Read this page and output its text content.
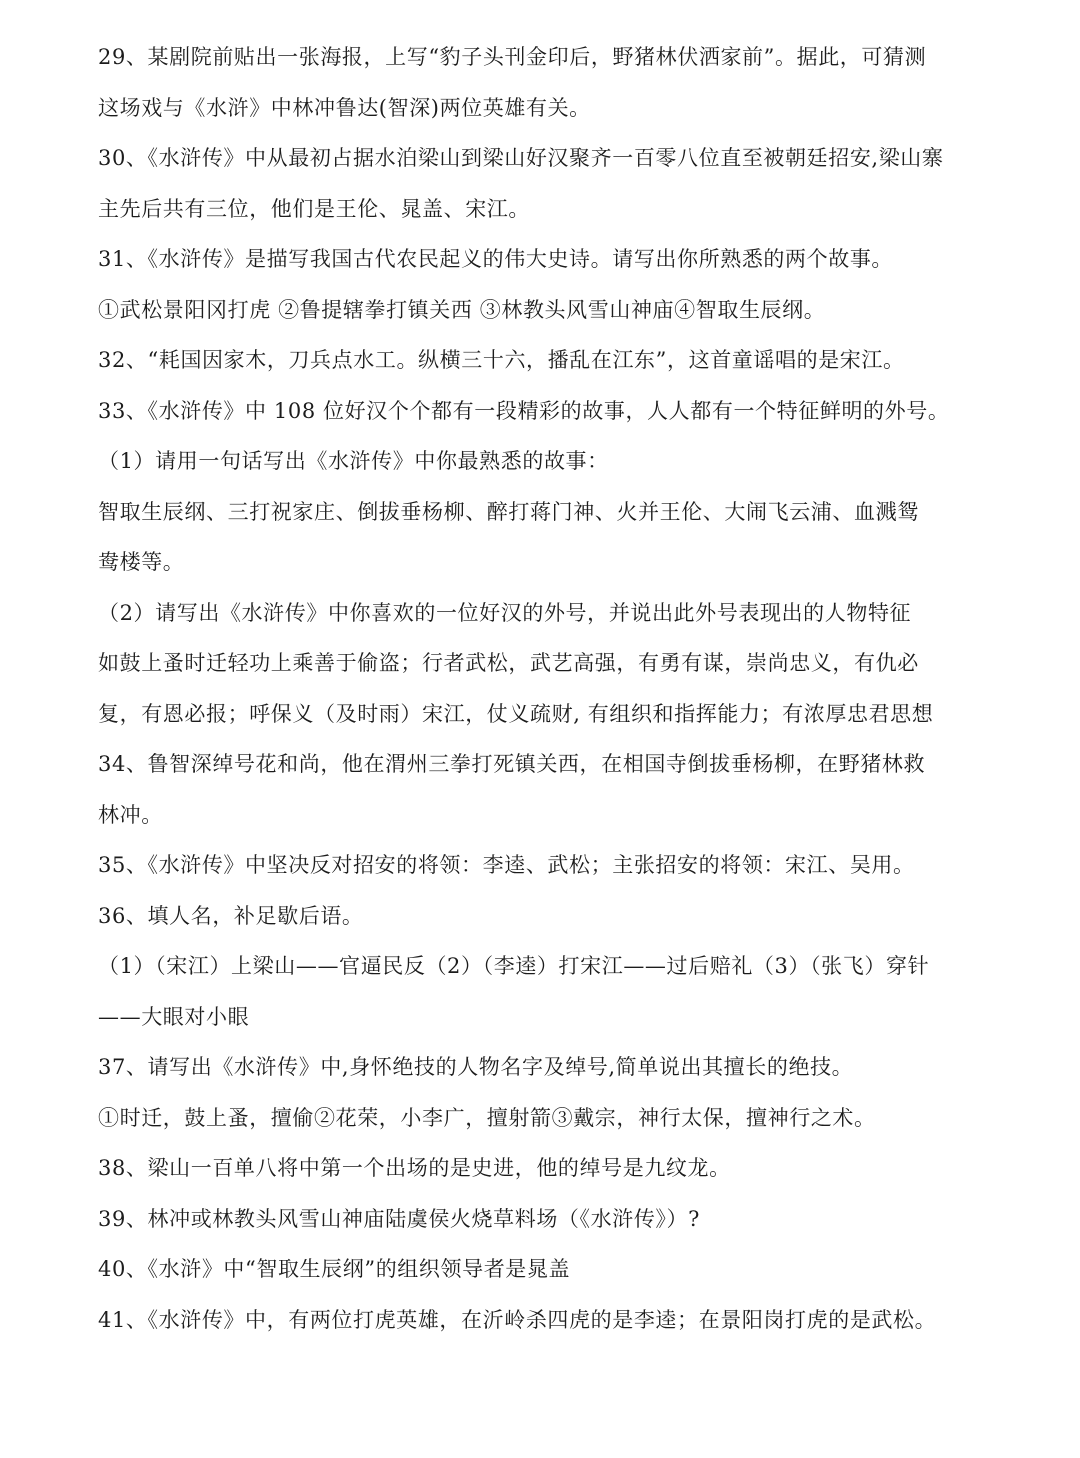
29、某剧院前贴出一张海报，上写“豹子头刊金印后，野猪林伏洒家前”。据此，可猜测
这场戏与《水浒》中林冲鲁达(智深)两位英雄有关。
30、《水浒传》中从最初占据水泊梁山到梁山好汉聚齐一百零八位直至被朝廷招安,梁山寨
主先后共有三位，他们是王伦、晁盖、宋江。
31、《水浒传》是描写我国古代农民起义的伟大史诗。请写出你所熟悉的两个故事。
①武松景阳冈打虎 ②鲁提辖拳打镇关西 ③林教头风雪山神庙④智取生辰纲。
32、“耗国因家木，刀兵点水工。纵横三十六，播乱在江东”，这首童谣唱的是宋江。
33、《水浒传》中 108 位好汉个个都有一段精彩的故事，人人都有一个特征鲜明的外号。
（1）请用一句话写出《水浒传》中你最熟悉的故事：
智取生辰纲、三打祝家庄、倒拔垂杨柳、醉打蒋门神、火并王伦、大闹飞云浦、血溅鸳
鸯楼等。
（2）请写出《水浒传》中你喜欢的一位好汉的外号，并说出此外号表现出的人物特征
如鼓上蚤时迁轻功上乘善于偷盗；行者武松，武艺高强，有勇有谋，崇尚忠义，有仇必
复，有恩必报；呼保义（及时雨）宋江，仗义疏财, 有组织和指挥能力；有浓厚忠君思想
34、鲁智深绰号花和尚，他在渭州三拳打死镇关西，在相国寺倒拔垂杨柳，在野猪林救
林冲。
35、《水浒传》中坚决反对招安的将领：李逵、武松；主张招安的将领：宋江、吴用。
36、填人名，补足歇后语。
（1）（宋江）上梁山——官逼民反（2）（李逵）打宋江——过后赔礼（3）（张飞）穿针
——大眼对小眼
37、请写出《水浒传》中,身怀绝技的人物名字及绰号,简单说出其擅长的绝技。
①时迁，鼓上蚤，擅偷②花荣，小李广，擅射箭③戴宗，神行太保，擅神行之术。
38、梁山一百单八将中第一个出场的是史进，他的绰号是九纹龙。
39、林冲或林教头风雪山神庙陆虞侯火烧草料场（《水浒传》）?
40、《水浒》中“智取生辰纲”的组织领导者是晁盖
41、《水浒传》中，有两位打虎英雄，在沂岭杀四虎的是李逵；在景阳岗打虎的是武松。
